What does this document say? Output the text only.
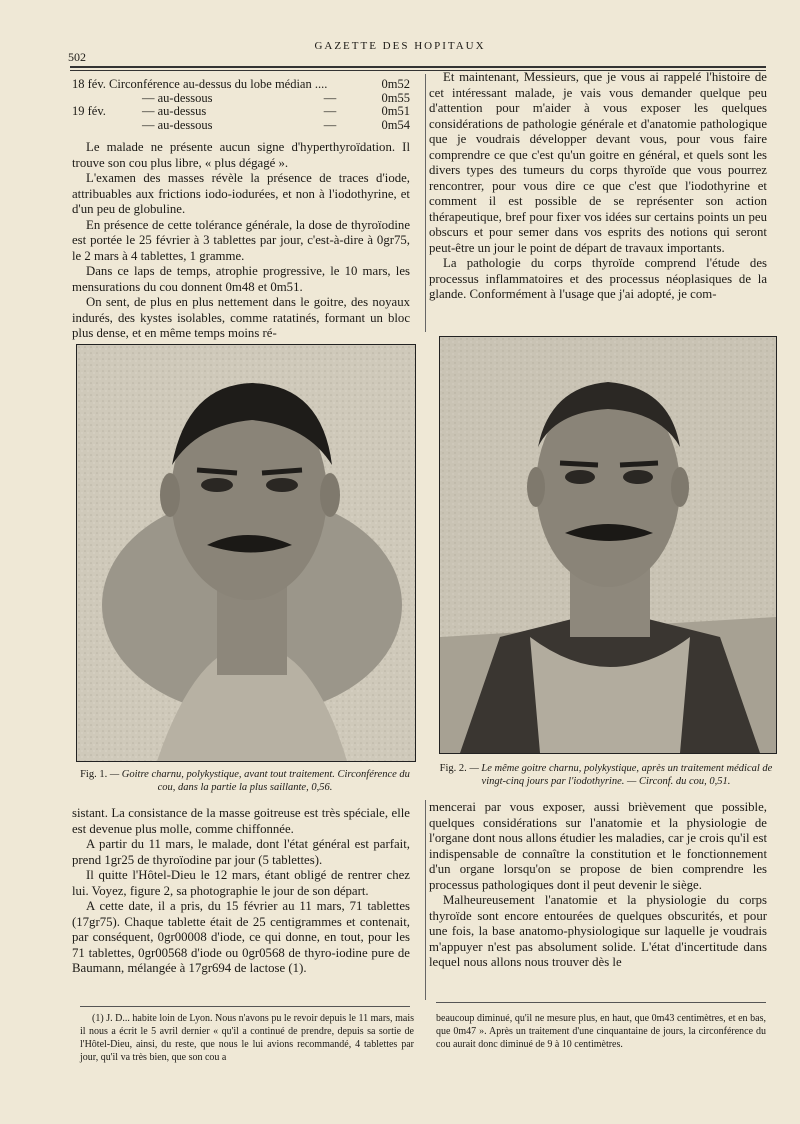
GAZETTE DES HOPITAUX
502
18 fév. Circonférence au-dessus du lobe médian ....	0m52
— au-dessous	—	0m55
19 fév.	— au-dessus	—	0m51
— au-dessous	—	0m54

Le malade ne présente aucun signe d'hyperthyroïdation. Il trouve son cou plus libre, « plus dégagé ».

L'examen des masses révèle la présence de traces d'iode, attribuables aux frictions iodo-iodurées, et non à l'iodothyrine, et d'un peu de globuline.

En présence de cette tolérance générale, la dose de thyroïodine est portée le 25 février à 3 tablettes par jour, c'est-à-dire à 0gr75, le 2 mars à 4 tablettes, 1 gramme.

Dans ce laps de temps, atrophie progressive, le 10 mars, les mensurations du cou donnent 0m48 et 0m51.

On sent, de plus en plus nettement dans le goitre, des noyaux indurés, des kystes isolables, comme ratatinés, formant un bloc plus dense, et en même temps moins ré-

Et maintenant, Messieurs, que je vous ai rappelé l'histoire de cet intéressant malade, je vais vous demander quelque peu d'attention pour m'aider à vous exposer les quelques considérations de pathologie générale et d'anatomie pathologique que je voudrais développer devant vous, pour vous faire comprendre ce que c'est qu'un goitre en général, et quels sont les divers types des tumeurs du corps thyroïde que vous pourrez rencontrer, pour vous dire ce que c'est que l'iodothyrine et comment il est possible de se représenter son action thérapeutique, bref pour fixer vos idées sur certains points un peu obscurs et pour semer dans vos esprits des notions qui seront peut-être un jour le point de départ de travaux importants.

La pathologie du corps thyroïde comprend l'étude des processus inflammatoires et des processus néoplasiques de la glande. Conformément à l'usage que j'ai adopté, je com-

Fig. 1. — Goitre charnu, polykystique, avant tout traitement. Circonférence du cou, dans la partie la plus saillante, 0,56.
Fig. 2. — Le même goitre charnu, polykystique, après un traitement médical de vingt-cinq jours par l'iodothyrine. — Circonf. du cou, 0,51.

sistant. La consistance de la masse goitreuse est très spéciale, elle est devenue plus molle, comme chiffonnée.

A partir du 11 mars, le malade, dont l'état général est parfait, prend 1gr25 de thyroïodine par jour (5 tablettes).

Il quitte l'Hôtel-Dieu le 12 mars, étant obligé de rentrer chez lui. Voyez, figure 2, sa photographie le jour de son départ.

A cette date, il a pris, du 15 février au 11 mars, 71 tablettes (17gr75). Chaque tablette était de 25 centigrammes et contenait, par conséquent, 0gr00008 d'iode, ce qui donne, en tout, pour les 71 tablettes, 0gr00568 d'iode ou 0gr0568 de thyro-iodine pure de Baumann, mélangée à 17gr694 de lactose (1).

mencerai par vous exposer, aussi brièvement que possible, quelques considérations sur l'anatomie et la physiologie de l'organe dont nous allons étudier les maladies, car je crois qu'il est indispensable de connaître la constitution et le fonctionnement d'un organe lorsqu'on se propose de bien comprendre les processus pathologiques dont il peut devenir le siège.

Malheureusement l'anatomie et la physiologie du corps thyroïde sont encore entourées de quelques obscurités, et pour une fois, la base anatomo-physiologique sur laquelle je voudrais m'appuyer n'est pas absolument solide. L'état d'incertitude dans lequel nous allons nous trouver dès le

(1) J. D... habite loin de Lyon. Nous n'avons pu le revoir depuis le 11 mars, mais il nous a écrit le 5 avril dernier « qu'il a continué de prendre, depuis sa sortie de l'Hôtel-Dieu, ainsi, du reste, que nous le lui avions recommandé, 4 tablettes par jour, qu'il va très bien, que son cou a

beaucoup diminué, qu'il ne mesure plus, en haut, que 0m43 centimètres, et en bas, que 0m47 ». Après un traitement d'une cinquantaine de jours, la circonférence du cou aurait donc diminué de 9 à 10 centimètres.
